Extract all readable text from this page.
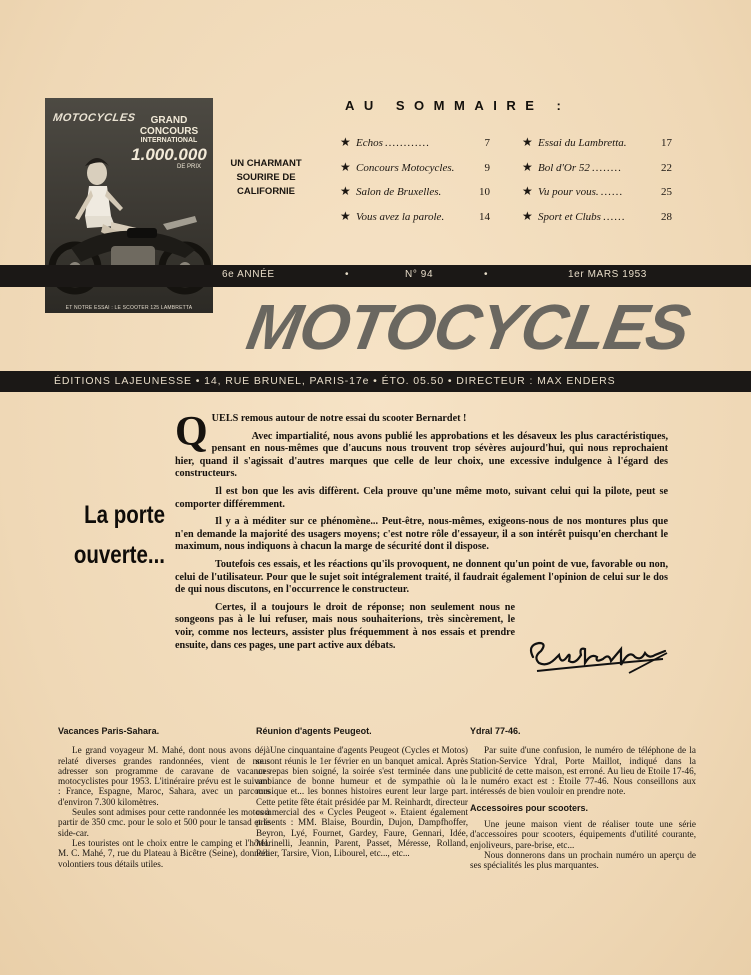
MOTOCYCLES	GRAND
CONCOURS
INTERNATIONAL
1.000.000
DE PRIX
ET NOTRE ESSAI : LE SCOOTER 125 LAMBRETTA
UN CHARMANT SOURIRE DE CALIFORNIE
AU SOMMAIRE :
★ Echos ............	7
★ Concours Motocycles.	9
★ Salon de Bruxelles.	10
★ Vous avez la parole.	14
★ Essai du Lambretta.	17
★ Bol d'Or 52 ........	22
★ Vu pour vous. ......	25
★ Sport et Clubs ......	28
6e ANNÉE	•	N° 94	•	1er MARS 1953
MOTOCYCLES
ÉDITIONS LAJEUNESSE • 14, RUE BRUNEL, PARIS-17e • ÉTO. 05.50 • DIRECTEUR : MAX ENDERS
La porte
ouverte...

QUELS remous autour de notre essai du scooter Bernardet !

Avec impartialité, nous avons publié les approbations et les désaveux les plus caractéristiques, pensant en nous-mêmes que d'aucuns nous trouvent trop sévères aujourd'hui, qui nous reprochaient hier, quand il s'agissait d'autres marques que celle de leur choix, une excessive indulgence à l'égard des constructeurs.

Il est bon que les avis diffèrent. Cela prouve qu'une même moto, suivant celui qui la pilote, peut se comporter différemment.

Il y a à méditer sur ce phénomène... Peut-être, nous-mêmes, exigeons-nous de nos montures plus que n'en demande la majorité des usagers moyens; c'est notre rôle d'essayeur, il a son intérêt puisqu'en cherchant le maximum, nous indiquons à chacun la marge de sécurité dont il dispose.

Toutefois ces essais, et les réactions qu'ils provoquent, ne donnent qu'un point de vue, favorable ou non, celui de l'utilisateur. Pour que le sujet soit intégralement traité, il faudrait également l'opinion de celui sur le dos de qui nous discutons, en l'occurrence le constructeur.

Certes, il a toujours le droit de réponse; non seulement nous ne songeons pas à le lui refuser, mais nous souhaiterions, très sincèrement, le voir, comme nos lecteurs, assister plus fréquemment à nos essais et prendre ensuite, dans ces pages, une part active aux débats.

Vacances Paris-Sahara.

Le grand voyageur M. Mahé, dont nous avons déjà relaté diverses grandes randonnées, vient de nous adresser son programme de caravane de vacances motocyclistes pour 1953. L'itinéraire prévu est le suivant : France, Espagne, Maroc, Sahara, avec un parcours d'environ 7.300 kilomètres.

Seules sont admises pour cette randonnée les motos à partir de 350 cmc. pour le solo et 500 pour le tansad et le side-car.

Les touristes ont le choix entre le camping et l'hôtel. M. C. Mahé, 7, rue du Plateau à Bicêtre (Seine), donnera volontiers tous détails utiles.

Réunion d'agents Peugeot.

Une cinquantaine d'agents Peugeot (Cycles et Motos) se sont réunis le 1er février en un banquet amical. Après un repas bien soigné, la soirée s'est terminée dans une ambiance de bonne humeur et de sympathie où la musique et... les bonnes histoires eurent leur large part. Cette petite fête était présidée par M. Reinhardt, directeur commercial des « Cycles Peugeot ». Etaient également présents : MM. Blaise, Bourdin, Dujon, Dampfhoffer, Beyron, Lyé, Fournet, Gardey, Faure, Gennari, Idée, Marinelli, Jeannin, Parent, Passet, Méresse, Rolland, Pélier, Tarsire, Vion, Libourel, etc..., etc...

Ydral 77-46.

Par suite d'une confusion, le numéro de téléphone de la Station-Service Ydral, Porte Maillot, indiqué dans la publicité de cette maison, est erroné. Au lieu de Etoile 17-46, le numéro exact est : Etoile 77-46. Nous conseillons aux intéressés de bien vouloir en prendre note.

Accessoires pour scooters.

Une jeune maison vient de réaliser toute une série d'accessoires pour scooters, équipements d'utilité courante, enjoliveurs, pare-brise, etc...

Nous donnerons dans un prochain numéro un aperçu de ses spécialités les plus marquantes.
